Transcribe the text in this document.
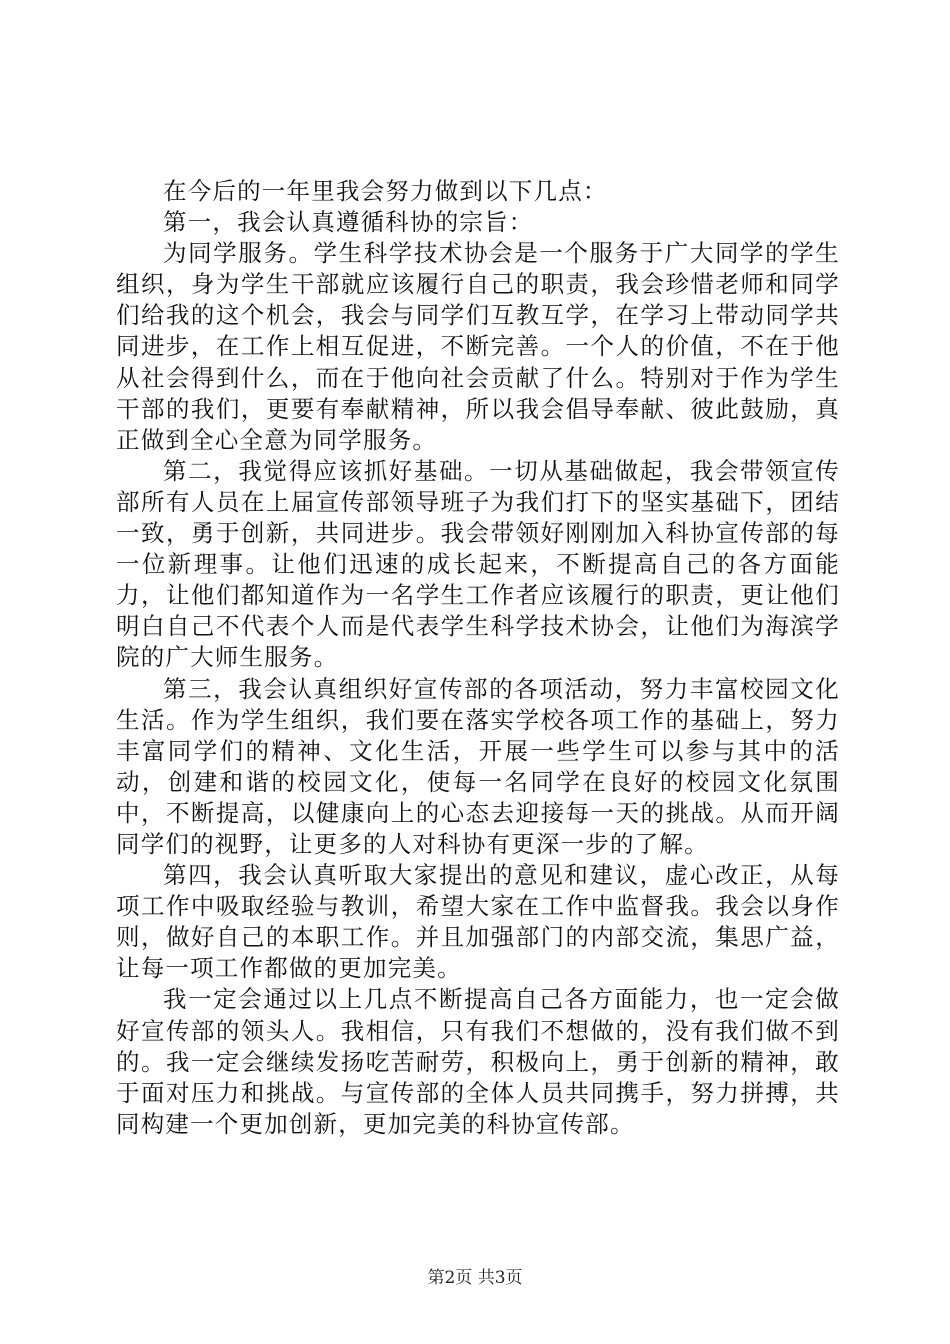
在今后的一年里我会努力做到以下几点：

第一，我会认真遵循科协的宗旨：

为同学服务。学生科学技术协会是一个服务于广大同学的学生组织，身为学生干部就应该履行自己的职责，我会珍惜老师和同学们给我的这个机会，我会与同学们互教互学，在学习上带动同学共同进步，在工作上相互促进，不断完善。一个人的价值，不在于他从社会得到什么，而在于他向社会贡献了什么。特别对于作为学生干部的我们，更要有奉献精神，所以我会倡导奉献、彼此鼓励，真正做到全心全意为同学服务。

第二，我觉得应该抓好基础。一切从基础做起，我会带领宣传部所有人员在上届宣传部领导班子为我们打下的坚实基础下，团结一致，勇于创新，共同进步。我会带领好刚刚加入科协宣传部的每一位新理事。让他们迅速的成长起来，不断提高自己的各方面能力，让他们都知道作为一名学生工作者应该履行的职责，更让他们明白自己不代表个人而是代表学生科学技术协会，让他们为海滨学院的广大师生服务。

第三，我会认真组织好宣传部的各项活动，努力丰富校园文化生活。作为学生组织，我们要在落实学校各项工作的基础上，努力丰富同学们的精神、文化生活，开展一些学生可以参与其中的活动，创建和谐的校园文化，使每一名同学在良好的校园文化氛围中，不断提高，以健康向上的心态去迎接每一天的挑战。从而开阔同学们的视野，让更多的人对科协有更深一步的了解。

第四，我会认真听取大家提出的意见和建议，虚心改正，从每项工作中吸取经验与教训，希望大家在工作中监督我。我会以身作则，做好自己的本职工作。并且加强部门的内部交流，集思广益，让每一项工作都做的更加完美。

我一定会通过以上几点不断提高自己各方面能力，也一定会做好宣传部的领头人。我相信，只有我们不想做的，没有我们做不到的。我一定会继续发扬吃苦耐劳，积极向上，勇于创新的精神，敢于面对压力和挑战。与宣传部的全体人员共同携手，努力拼搏，共同构建一个更加创新，更加完美的科协宣传部。

第2页 共3页
